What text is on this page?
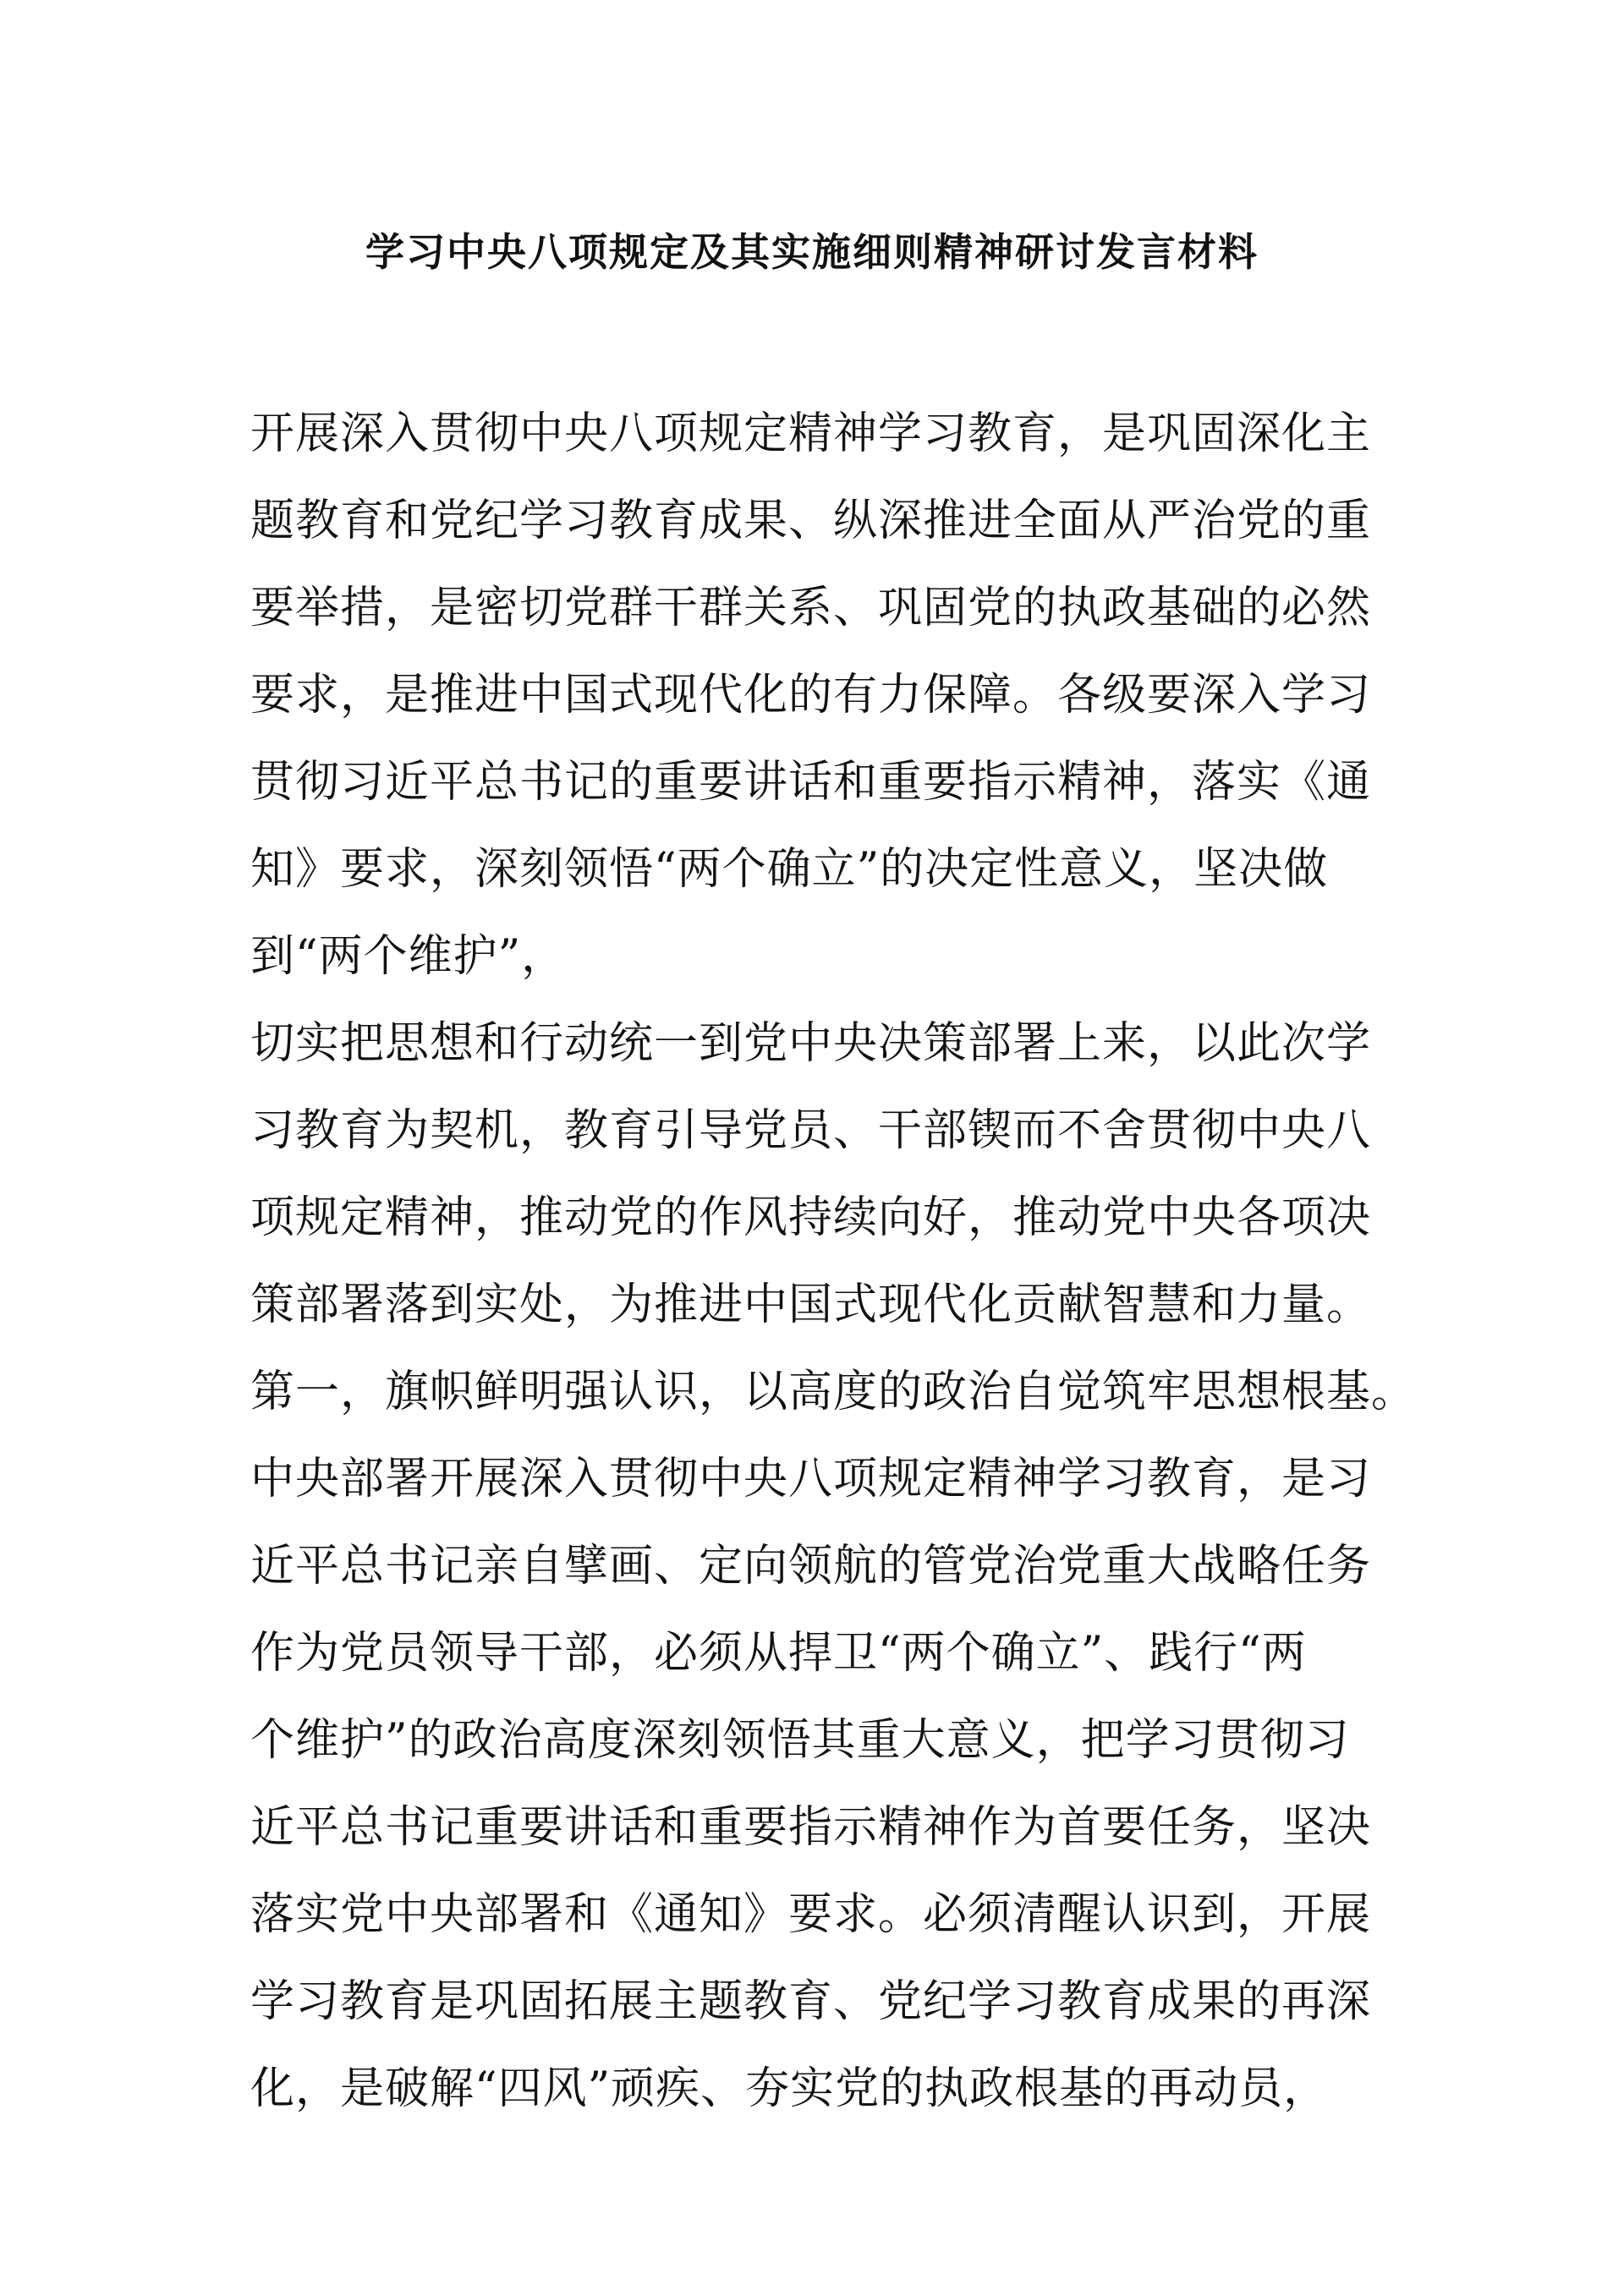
学习中央八项规定及其实施细则精神研讨发言材料
开展深入贯彻中央八项规定精神学习教育，是巩固深化主
题教育和党纪学习教育成果、纵深推进全面从严治党的重
要举措，是密切党群干群关系、巩固党的执政基础的必然
要求，是推进中国式现代化的有力保障。各级要深入学习
贯彻习近平总书记的重要讲话和重要指示精神，落实《通
知》要求，深刻领悟“两个确立”的决定性意义，坚决做
到“两个维护”，
切实把思想和行动统一到党中央决策部署上来，以此次学
习教育为契机，教育引导党员、干部锲而不舍贯彻中央八
项规定精神，推动党的作风持续向好，推动党中央各项决
策部署落到实处，为推进中国式现代化贡献智慧和力量。
第一，旗帜鲜明强认识，以高度的政治自觉筑牢思想根基。
中央部署开展深入贯彻中央八项规定精神学习教育，是习
近平总书记亲自擘画、定向领航的管党治党重大战略任务
作为党员领导干部，必须从捍卫“两个确立”、践行“两
个维护”的政治高度深刻领悟其重大意义，把学习贯彻习
近平总书记重要讲话和重要指示精神作为首要任务，坚决
落实党中央部署和《通知》要求。必须清醒认识到，开展
学习教育是巩固拓展主题教育、党纪学习教育成果的再深
化，是破解“四风”顽疾、夯实党的执政根基的再动员，
